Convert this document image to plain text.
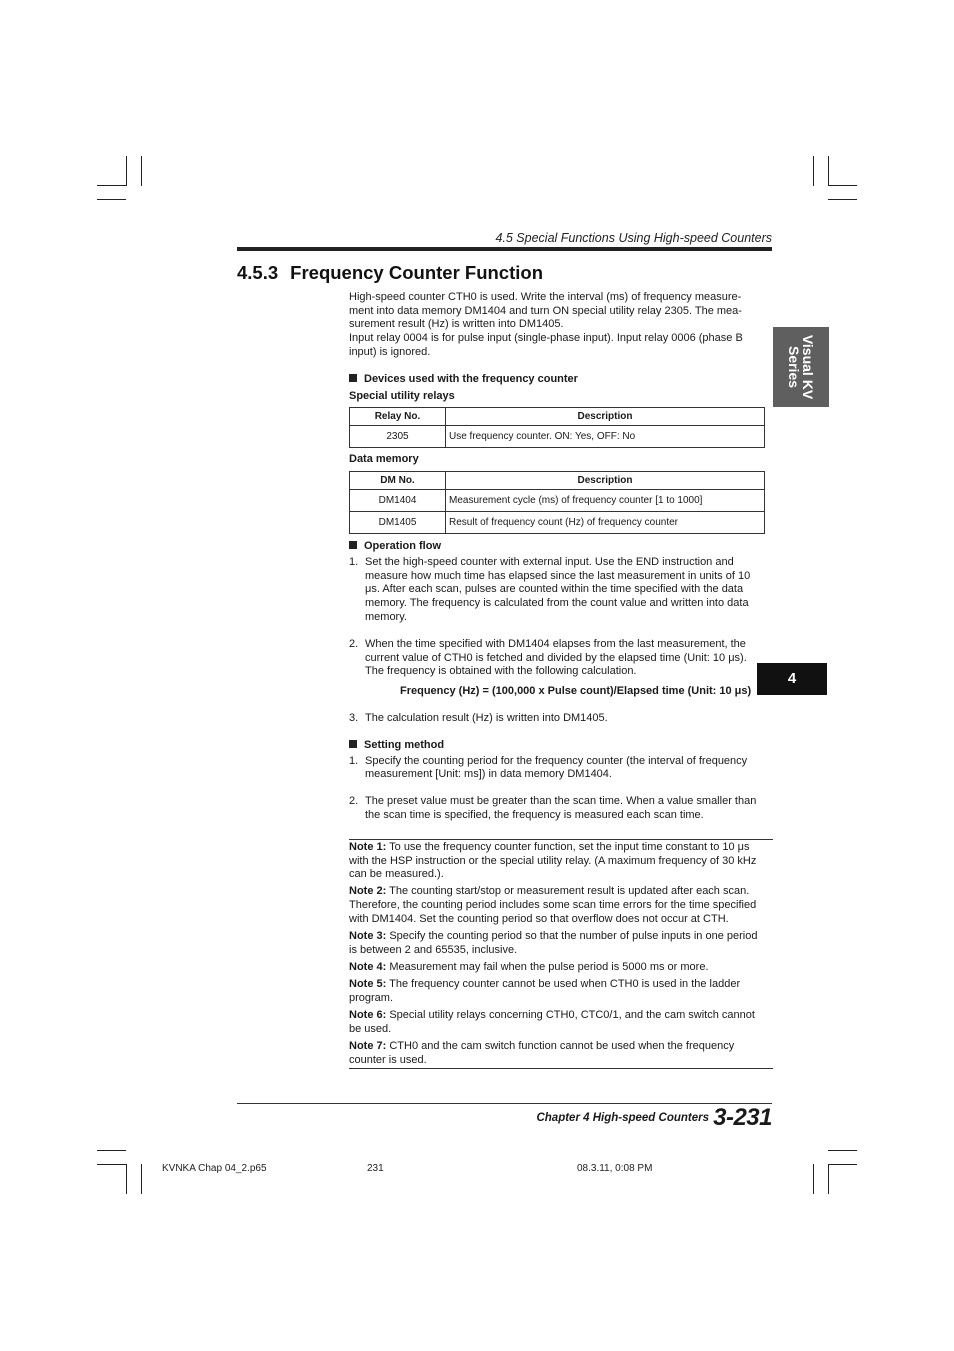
4.5 Special Functions Using High-speed Counters
4.5.3 Frequency Counter Function

High-speed counter CTH0 is used. Write the interval (ms) of frequency measure-
ment into data memory DM1404 and turn ON special utility relay 2305. The mea-
surement result (Hz) is written into DM1405.
Input relay 0004 is for pulse input (single-phase input). Input relay 0006 (phase B
input) is ignored.

Devices used with the frequency counter

Special utility relays

Relay No.	Description
2305	Use frequency counter. ON: Yes, OFF: No

Data memory

DM No.	Description
DM1404	Measurement cycle (ms) of frequency counter [1 to 1000]
DM1405	Result of frequency count (Hz) of frequency counter

Operation flow

1. Set the high-speed counter with external input. Use the END instruction and
measure how much time has elapsed since the last measurement in units of 10
μs. After each scan, pulses are counted within the time specified with the data
memory. The frequency is calculated from the count value and written into data
memory.
2. When the time specified with DM1404 elapses from the last measurement, the
current value of CTH0 is fetched and divided by the elapsed time (Unit: 10 μs).
The frequency is obtained with the following calculation.

Frequency (Hz) = (100,000 x Pulse count)/Elapsed time (Unit: 10 μs)

3. The calculation result (Hz) is written into DM1405.

Setting method

1. Specify the counting period for the frequency counter (the interval of frequency
measurement [Unit: ms]) in data memory DM1404.
2. The preset value must be greater than the scan time. When a value smaller than
the scan time is specified, the frequency is measured each scan time.

Note 1: To use the frequency counter function, set the input time constant to 10 μs
with the HSP instruction or the special utility relay. (A maximum frequency of 30 kHz
can be measured.).

Note 2: The counting start/stop or measurement result is updated after each scan.
Therefore, the counting period includes some scan time errors for the time specified
with DM1404. Set the counting period so that overflow does not occur at CTH.

Note 3: Specify the counting period so that the number of pulse inputs in one period
is between 2 and 65535, inclusive.

Note 4: Measurement may fail when the pulse period is 5000 ms or more.

Note 5: The frequency counter cannot be used when CTH0 is used in the ladder
program.

Note 6: Special utility relays concerning CTH0, CTC0/1, and the cam switch cannot
be used.

Note 7: CTH0 and the cam switch function cannot be used when the frequency
counter is used.

Visual KV
Series
4
Chapter 4 High-speed Counters 3-231
KVNKA Chap 04_2.p65	231	08.3.11, 0:08 PM
